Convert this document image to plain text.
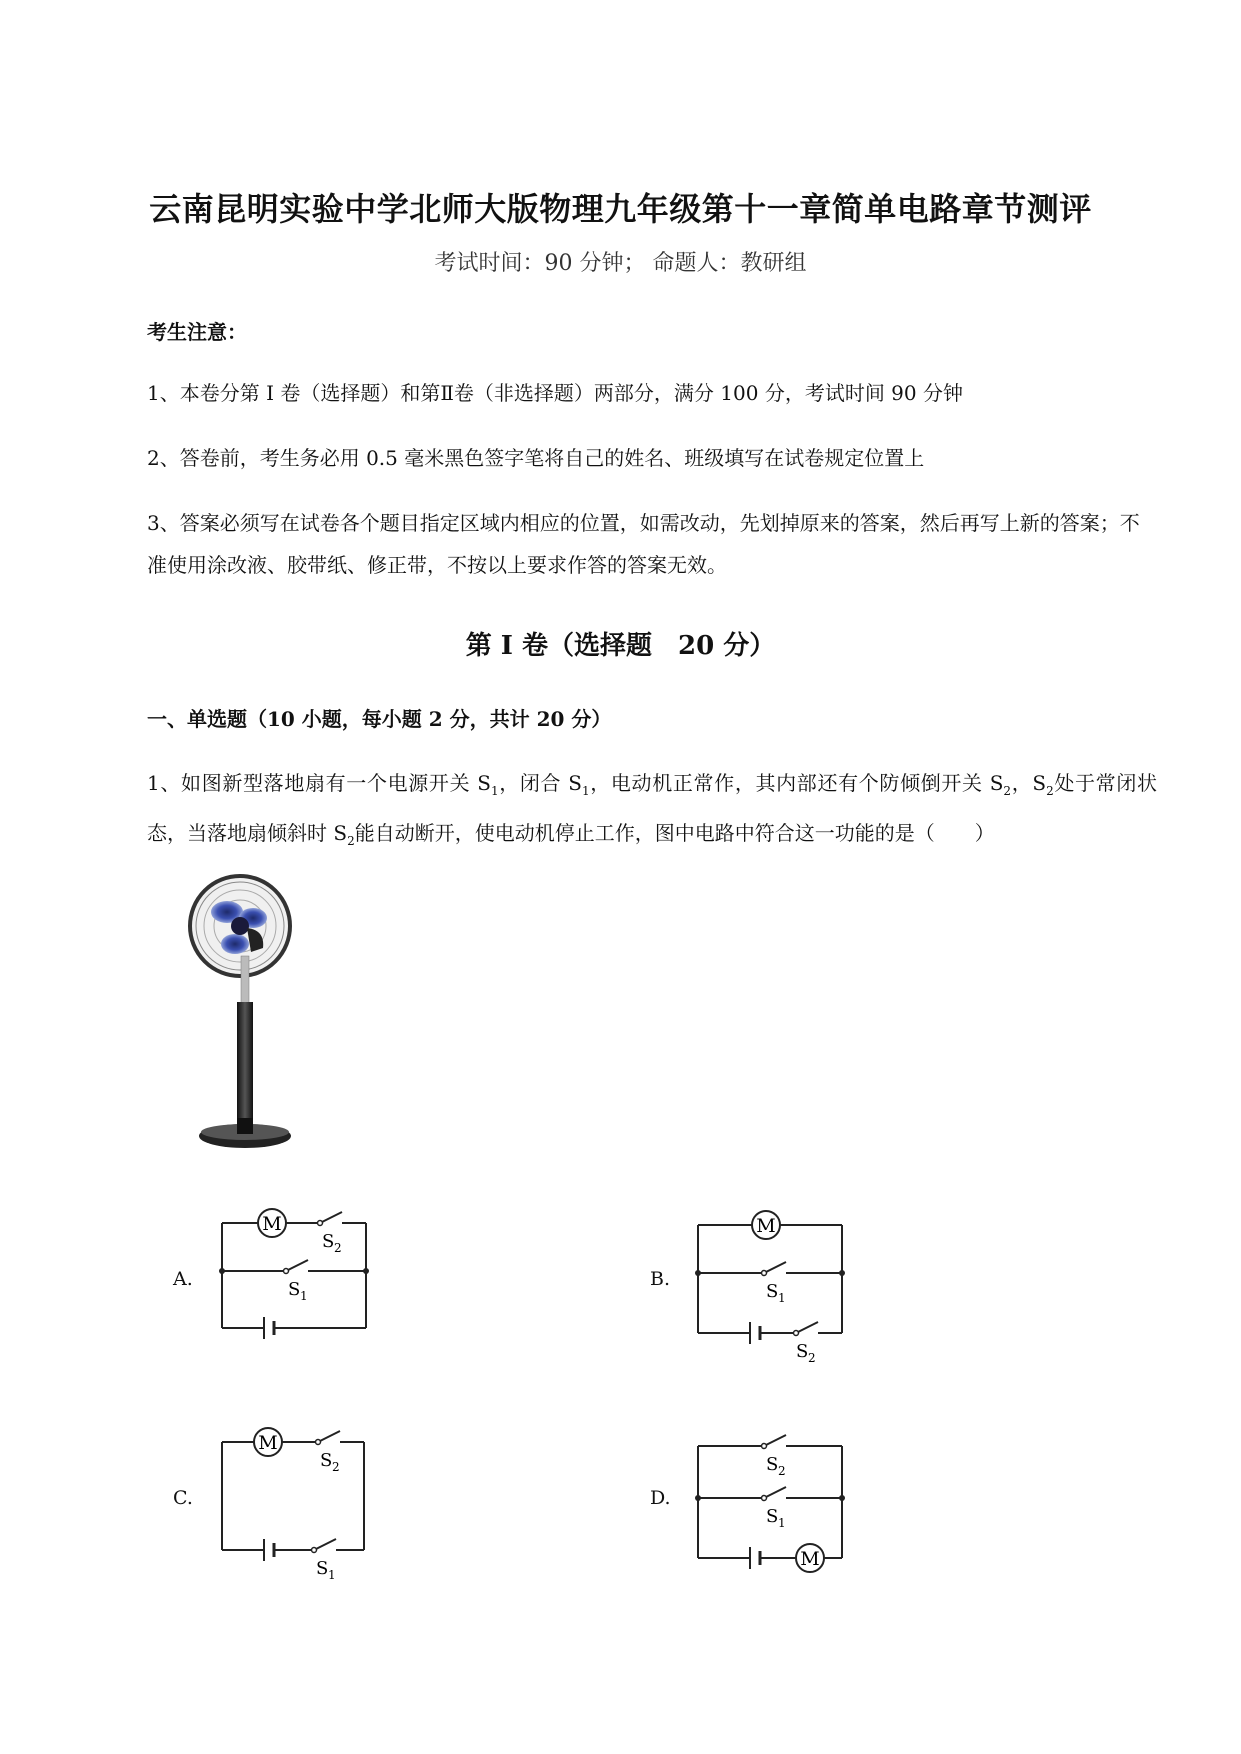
云南昆明实验中学北师大版物理九年级第十一章简单电路章节测评
考试时间：90 分钟； 命题人：教研组
考生注意：
1、本卷分第 I 卷（选择题）和第Ⅱ卷（非选择题）两部分，满分 100 分，考试时间 90 分钟
2、答卷前，考生务必用 0.5 毫米黑色签字笔将自己的姓名、班级填写在试卷规定位置上
3、答案必须写在试卷各个题目指定区域内相应的位置，如需改动，先划掉原来的答案，然后再写上新的答案；不准使用涂改液、胶带纸、修正带，不按以上要求作答的答案无效。
第 I 卷（选择题　20 分）
一、单选题（10 小题，每小题 2 分，共计 20 分）
1、如图新型落地扇有一个电源开关 $S_1$，闭合 $S_1$，电动机正常作，其内部还有个防倾倒开关 $S_2$，$S_2$处于常闭状态，当落地扇倾斜时 $S_2$能自动断开，使电动机停止工作，图中电路中符合这一功能的是（　　）
A.	B.
C.	D.
M
S 2
S 1
M
S 1
S 2
M
S 2
S 1
M
S 2
S 1
